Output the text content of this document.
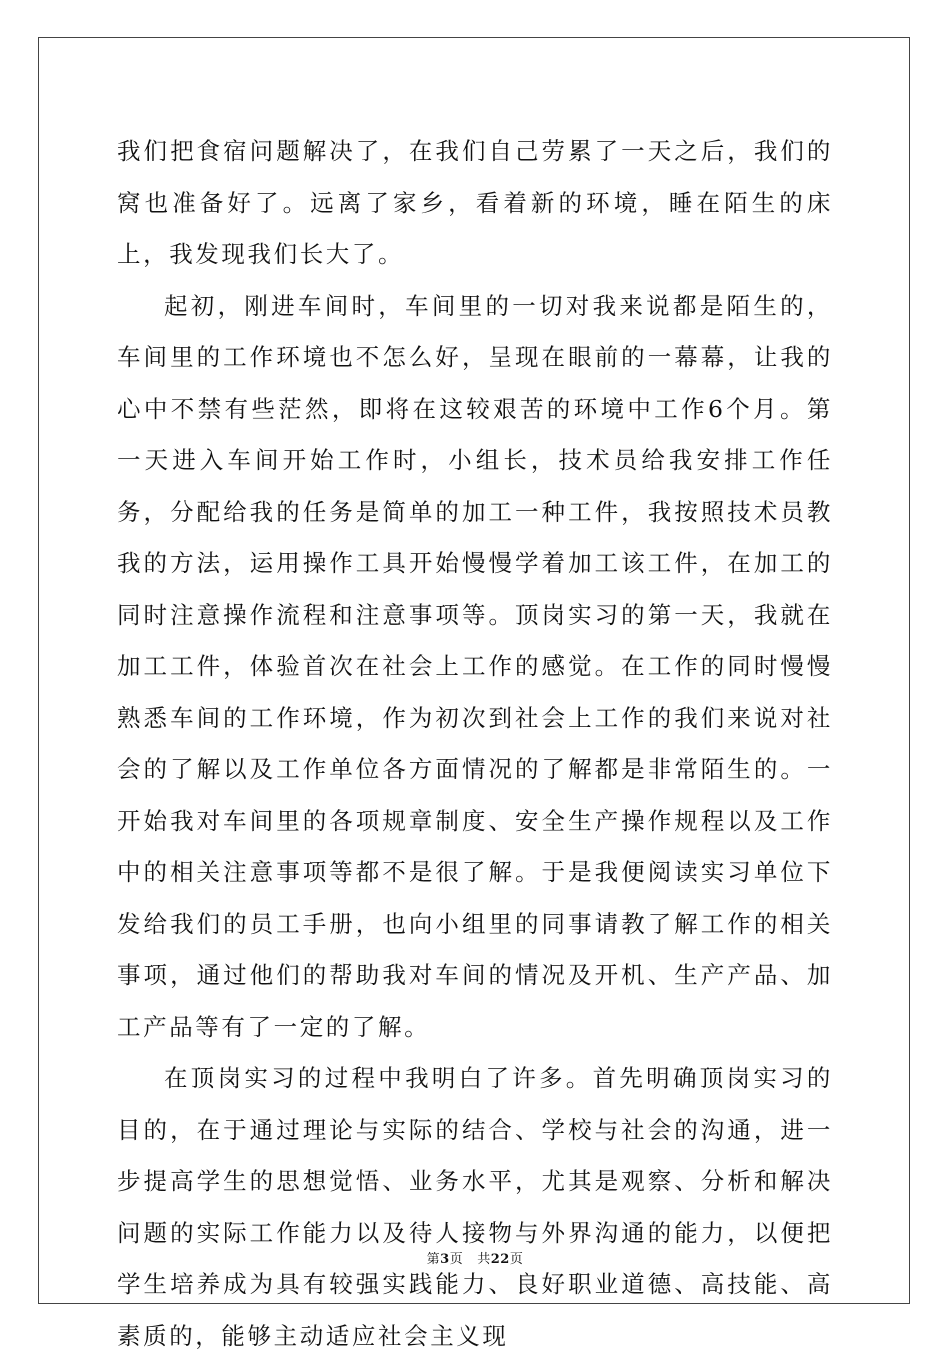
我们把食宿问题解决了，在我们自己劳累了一天之后，我们的窝也准备好了。远离了家乡，看着新的环境，睡在陌生的床上，我发现我们长大了。

起初，刚进车间时，车间里的一切对我来说都是陌生的，车间里的工作环境也不怎么好，呈现在眼前的一幕幕，让我的心中不禁有些茫然，即将在这较艰苦的环境中工作6个月。第一天进入车间开始工作时，小组长，技术员给我安排工作任务，分配给我的任务是简单的加工一种工件，我按照技术员教我的方法，运用操作工具开始慢慢学着加工该工件，在加工的同时注意操作流程和注意事项等。顶岗实习的第一天，我就在加工工件，体验首次在社会上工作的感觉。在工作的同时慢慢熟悉车间的工作环境，作为初次到社会上工作的我们来说对社会的了解以及工作单位各方面情况的了解都是非常陌生的。一开始我对车间里的各项规章制度、安全生产操作规程以及工作中的相关注意事项等都不是很了解。于是我便阅读实习单位下发给我们的员工手册，也向小组里的同事请教了解工作的相关事项，通过他们的帮助我对车间的情况及开机、生产产品、加工产品等有了一定的了解。

在顶岗实习的过程中我明白了许多。首先明确顶岗实习的目的，在于通过理论与实际的结合、学校与社会的沟通，进一步提高学生的思想觉悟、业务水平，尤其是观察、分析和解决问题的实际工作能力以及待人接物与外界沟通的能力，以便把学生培养成为具有较强实践能力、良好职业道德、高技能、高素质的，能够主动适应社会主义现

第3页 共22页
